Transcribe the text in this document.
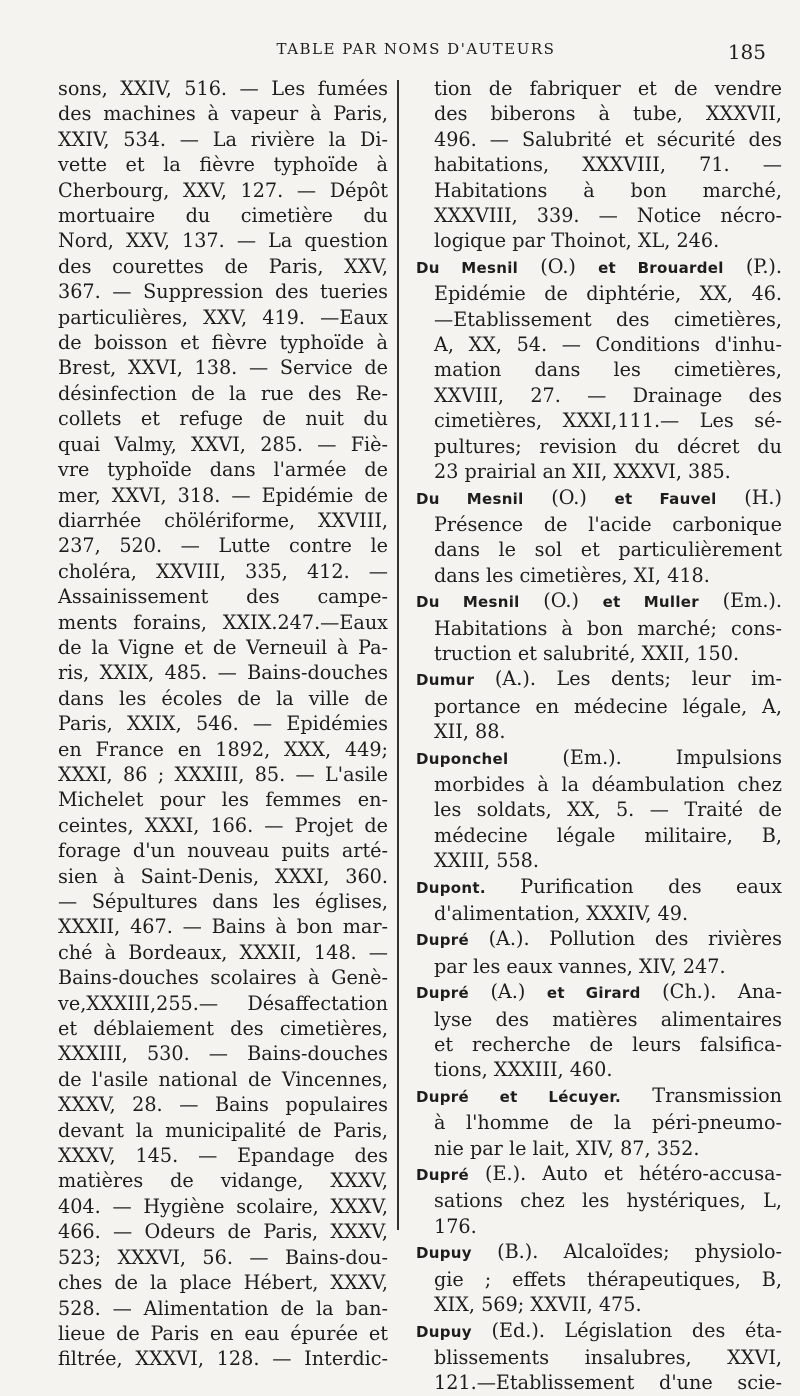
TABLE PAR NOMS D'AUTEURS	185
sons, XXIV, 516. — Les fumées
des machines à vapeur à Paris,
XXIV, 534. — La rivière la Di-
vette et la fièvre typhoïde à
Cherbourg, XXV, 127. — Dépôt
mortuaire du cimetière du
Nord, XXV, 137. — La question
des courettes de Paris, XXV,
367. — Suppression des tueries
particulières, XXV, 419. —Eaux
de boisson et fièvre typhoïde à
Brest, XXVI, 138. — Service de
désinfection de la rue des Re-
collets et refuge de nuit du
quai Valmy, XXVI, 285. — Fiè-
vre typhoïde dans l'armée de
mer, XXVI, 318. — Epidémie de
diarrhée chölériforme, XXVIII,
237, 520. — Lutte contre le
choléra, XXVIII, 335, 412. —
Assainissement des campe-
ments forains, XXIX.247.—Eaux
de la Vigne et de Verneuil à Pa-
ris, XXIX, 485. — Bains-douches
dans les écoles de la ville de
Paris, XXIX, 546. — Epidémies
en France en 1892, XXX, 449;
XXXI, 86 ; XXXIII, 85. — L'asile
Michelet pour les femmes en-
ceintes, XXXI, 166. — Projet de
forage d'un nouveau puits arté-
sien à Saint-Denis, XXXI, 360.
— Sépultures dans les églises,
XXXII, 467. — Bains à bon mar-
ché à Bordeaux, XXXII, 148. —
Bains-douches scolaires à Genè-
ve,XXXIII,255.— Désaffectation
et déblaiement des cimetières,
XXXIII, 530. — Bains-douches
de l'asile national de Vincennes,
XXXV, 28. — Bains populaires
devant la municipalité de Paris,
XXXV, 145. — Epandage des
matières de vidange, XXXV,
404. — Hygiène scolaire, XXXV,
466. — Odeurs de Paris, XXXV,
523; XXXVI, 56. — Bains-dou-
ches de la place Hébert, XXXV,
528. — Alimentation de la ban-
lieue de Paris en eau épurée et
filtrée, XXXVI, 128. — Interdic-
tion de fabriquer et de vendre
des biberons à tube, XXXVII,
496. — Salubrité et sécurité des
habitations, XXXVIII, 71. —
Habitations à bon marché,
XXXVIII, 339. — Notice nécro-
logique par Thoinot, XL, 246.
Du Mesnil (O.) et Brouardel (P.).
Epidémie de diphtérie, XX, 46.
—Etablissement des cimetières,
A, XX, 54. — Conditions d'inhu-
mation dans les cimetières,
XXVIII, 27. — Drainage des
cimetières, XXXI,111.— Les sé-
pultures; revision du décret du
23 prairial an XII, XXXVI, 385.
Du Mesnil (O.) et Fauvel (H.)
Présence de l'acide carbonique
dans le sol et particulièrement
dans les cimetières, XI, 418.
Du Mesnil (O.) et Muller (Em.).
Habitations à bon marché; cons-
truction et salubrité, XXII, 150.
Dumur (A.). Les dents; leur im-
portance en médecine légale, A,
XII, 88.
Duponchel (Em.). Impulsions
morbides à la déambulation chez
les soldats, XX, 5. — Traité de
médecine légale militaire, B,
XXIII, 558.
Dupont. Purification des eaux
d'alimentation, XXXIV, 49.
Dupré (A.). Pollution des rivières
par les eaux vannes, XIV, 247.
Dupré (A.) et Girard (Ch.). Ana-
lyse des matières alimentaires
et recherche de leurs falsifica-
tions, XXXIII, 460.
Dupré et Lécuyer. Transmission
à l'homme de la péri-pneumo-
nie par le lait, XIV, 87, 352.
Dupré (E.). Auto et hétéro-accusa-
sations chez les hystériques, L,
176.
Dupuy (B.). Alcaloïdes; physiolo-
gie ; effets thérapeutiques, B,
XIX, 569; XXVII, 475.
Dupuy (Ed.). Législation des éta-
blissements insalubres, XXVI,
121.—Etablissement d'une scie-
